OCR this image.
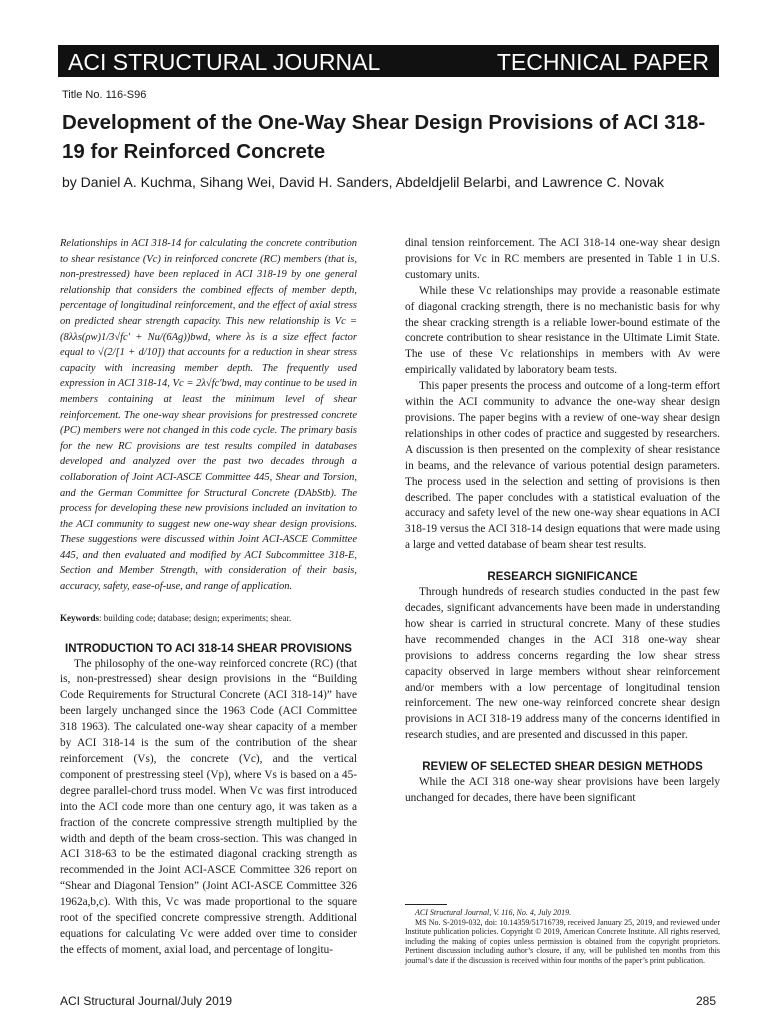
ACI STRUCTURAL JOURNAL	TECHNICAL PAPER
Title No. 116-S96
Development of the One-Way Shear Design Provisions of ACI 318-19 for Reinforced Concrete
by Daniel A. Kuchma, Sihang Wei, David H. Sanders, Abdeldjelil Belarbi, and Lawrence C. Novak
Relationships in ACI 318-14 for calculating the concrete contribution to shear resistance (Vc) in reinforced concrete (RC) members (that is, non-prestressed) have been replaced in ACI 318-19 by one general relationship that considers the combined effects of member depth, percentage of longitudinal reinforcement, and the effect of axial stress on predicted shear strength capacity. This new relationship is Vc = (8λλs(ρw)1/3√fc′ + Nu/(6Ag))bwd, where λs is a size effect factor equal to √(2/[1 + d/10]) that accounts for a reduction in shear stress capacity with increasing member depth. The frequently used expression in ACI 318-14, Vc = 2λ√fc′bwd, may continue to be used in members containing at least the minimum level of shear reinforcement. The one-way shear provisions for prestressed concrete (PC) members were not changed in this code cycle. The primary basis for the new RC provisions are test results compiled in databases developed and analyzed over the past two decades through a collaboration of Joint ACI-ASCE Committee 445, Shear and Torsion, and the German Committee for Structural Concrete (DAbStb). The process for developing these new provisions included an invitation to the ACI community to suggest new one-way shear design provisions. These suggestions were discussed within Joint ACI-ASCE Committee 445, and then evaluated and modified by ACI Subcommittee 318-E, Section and Member Strength, with consideration of their basis, accuracy, safety, ease-of-use, and range of application.
Keywords: building code; database; design; experiments; shear.
INTRODUCTION TO ACI 318-14 SHEAR PROVISIONS

The philosophy of the one-way reinforced concrete (RC) (that is, non-prestressed) shear design provisions in the “Building Code Requirements for Structural Concrete (ACI 318-14)” have been largely unchanged since the 1963 Code (ACI Committee 318 1963). The calculated one-way shear capacity of a member by ACI 318-14 is the sum of the contribution of the shear reinforcement (Vs), the concrete (Vc), and the vertical component of prestressing steel (Vp), where Vs is based on a 45-degree parallel-chord truss model. When Vc was first introduced into the ACI code more than one century ago, it was taken as a fraction of the concrete compressive strength multiplied by the width and depth of the beam cross-section. This was changed in ACI 318-63 to be the estimated diagonal cracking strength as recommended in the Joint ACI-ASCE Committee 326 report on “Shear and Diagonal Tension” (Joint ACI-ASCE Committee 326 1962a,b,c). With this, Vc was made proportional to the square root of the specified concrete compressive strength. Additional equations for calculating Vc were added over time to consider the effects of moment, axial load, and percentage of longitu-

dinal tension reinforcement. The ACI 318-14 one-way shear design provisions for Vc in RC members are presented in Table 1 in U.S. customary units.

While these Vc relationships may provide a reasonable estimate of diagonal cracking strength, there is no mechanistic basis for why the shear cracking strength is a reliable lower-bound estimate of the concrete contribution to shear resistance in the Ultimate Limit State. The use of these Vc relationships in members with Av were empirically validated by laboratory beam tests.

This paper presents the process and outcome of a long-term effort within the ACI community to advance the one-way shear design provisions. The paper begins with a review of one-way shear design relationships in other codes of practice and suggested by researchers. A discussion is then presented on the complexity of shear resistance in beams, and the relevance of various potential design parameters. The process used in the selection and setting of provisions is then described. The paper concludes with a statistical evaluation of the accuracy and safety level of the new one-way shear equations in ACI 318-19 versus the ACI 318-14 design equations that were made using a large and vetted database of beam shear test results.

RESEARCH SIGNIFICANCE

Through hundreds of research studies conducted in the past few decades, significant advancements have been made in understanding how shear is carried in structural concrete. Many of these studies have recommended changes in the ACI 318 one-way shear provisions to address concerns regarding the low shear stress capacity observed in large members without shear reinforcement and/or members with a low percentage of longitudinal tension reinforcement. The new one-way reinforced concrete shear design provisions in ACI 318-19 address many of the concerns identified in research studies, and are presented and discussed in this paper.

REVIEW OF SELECTED SHEAR DESIGN METHODS

While the ACI 318 one-way shear provisions have been largely unchanged for decades, there have been significant

ACI Structural Journal, V. 116, No. 4, July 2019.
MS No. S-2019-032, doi: 10.14359/51716739, received January 25, 2019, and reviewed under Institute publication policies. Copyright © 2019, American Concrete Institute. All rights reserved, including the making of copies unless permission is obtained from the copyright proprietors. Pertinent discussion including author’s closure, if any, will be published ten months from this journal’s date if the discussion is received within four months of the paper’s print publication.
ACI Structural Journal/July 2019	285
